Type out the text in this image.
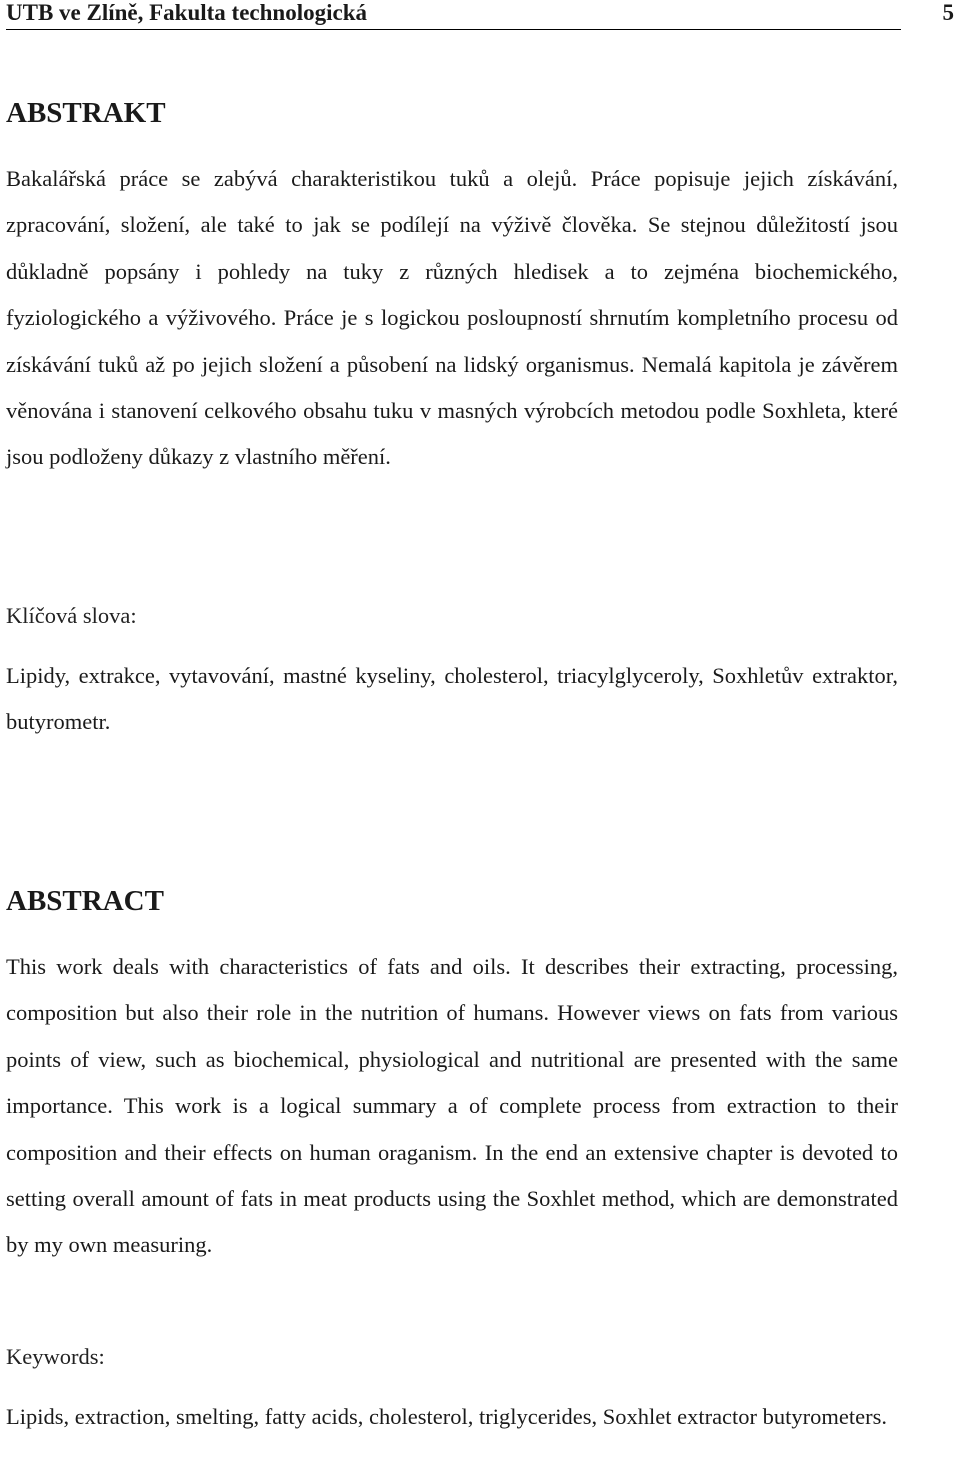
UTB ve Zlíně, Fakulta technologická	5
ABSTRAKT

Bakalářská práce se zabývá charakteristikou tuků a olejů. Práce popisuje jejich získávání, zpracování, složení, ale také to jak se podílejí na výživě člověka. Se stejnou důležitostí jsou důkladně popsány i pohledy na tuky z různých hledisek a to zejména biochemického, fyziologického a výživového. Práce je s logickou posloupností shrnutím kompletního procesu od získávání tuků až po jejich složení a působení na lidský organismus. Nemalá kapitola je závěrem věnována i stanovení celkového obsahu tuku v masných výrobcích metodou podle Soxhleta, které jsou podloženy důkazy z vlastního měření.

Klíčová slova:

Lipidy, extrakce, vytavování, mastné kyseliny, cholesterol, triacylglyceroly, Soxhletův extraktor, butyrometr.

ABSTRACT

This work deals with characteristics of fats and oils. It describes their extracting, processing, composition but also their role in the nutrition of humans. However views on fats from various points of view, such as biochemical, physiological and nutritional are presented with the same importance. This work is a logical summary a of complete process from extraction to their composition and their effects on human oraganism. In the end an extensive chapter is devoted to setting overall amount of fats in meat products using the Soxhlet method, which are demonstrated by my own measuring.

Keywords:

Lipids, extraction, smelting, fatty acids, cholesterol, triglycerides, Soxhlet extractor butyrometers.
